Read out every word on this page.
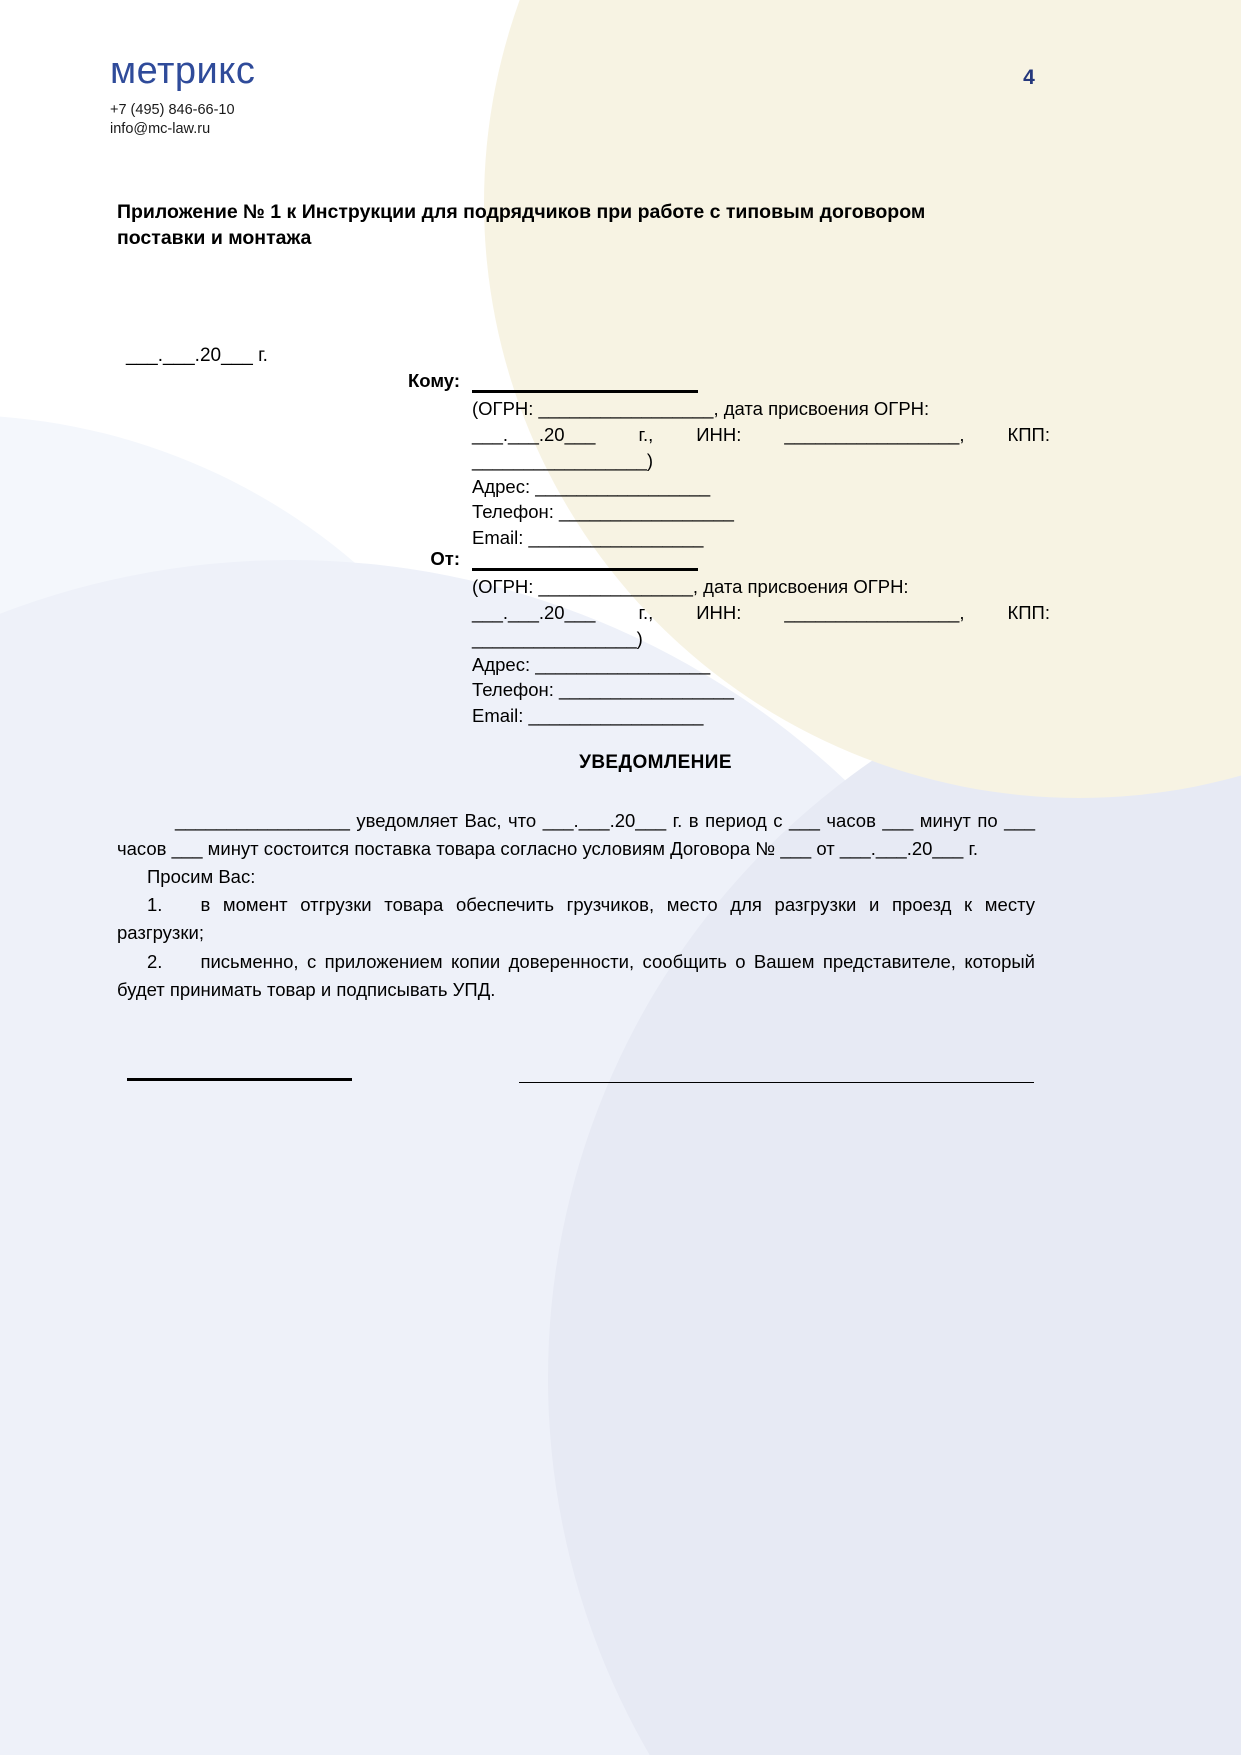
метрикс
+7 (495) 846-66-10
info@mc-law.ru
4
Приложение № 1 к Инструкции для подрядчиков при работе с типовым договором поставки и монтажа
___.___.20___ г.
Кому:
(ОГРН: _________________, дата присвоения ОГРН:
___.___.20___ г., ИНН: _________________, КПП:
_________________)
Адрес: _________________
Телефон: _________________
Email: _________________
От:
(ОГРН: _______________, дата присвоения ОГРН:
___.___.20___ г., ИНН: _________________, КПП:
________________)
Адрес: _________________
Телефон: _________________
Email: _________________
УВЕДОМЛЕНИЕ

_________________ уведомляет Вас, что ___.___.20___ г. в период с ___ часов ___ минут по ___ часов ___ минут состоится поставка товара согласно условиям Договора № ___ от ___.___.20___ г.

Просим Вас:

1. в момент отгрузки товара обеспечить грузчиков, место для разгрузки и проезд к месту разгрузки;

2. письменно, с приложением копии доверенности, сообщить о Вашем представителе, который будет принимать товар и подписывать УПД.
